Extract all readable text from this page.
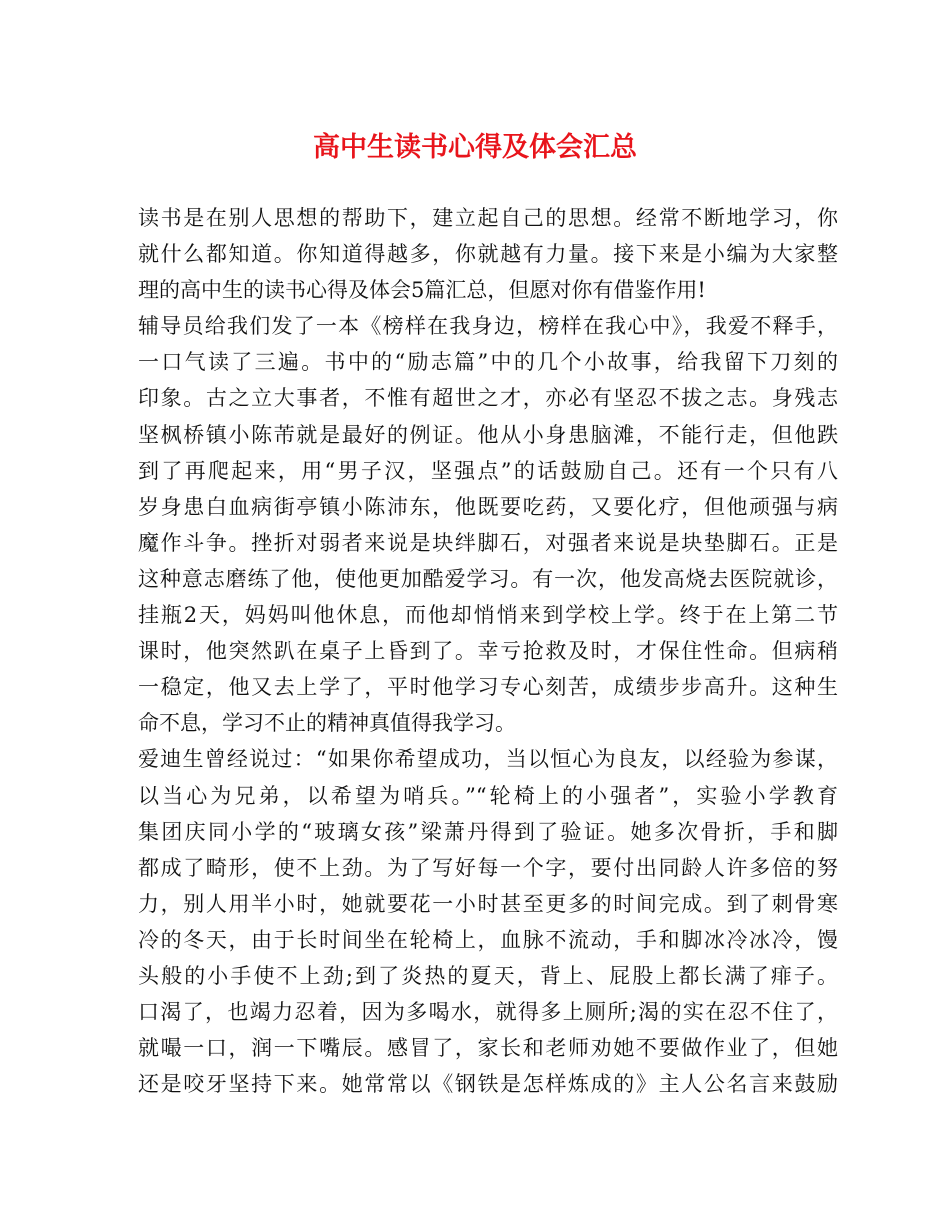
高中生读书心得及体会汇总
读书是在别人思想的帮助下，建立起自己的思想。经常不断地学习，你
就什么都知道。你知道得越多，你就越有力量。接下来是小编为大家整
理的高中生的读书心得及体会5篇汇总，但愿对你有借鉴作用!
辅导员给我们发了一本《榜样在我身边，榜样在我心中》，我爱不释手，
一口气读了三遍。书中的“励志篇”中的几个小故事，给我留下刀刻的
印象。古之立大事者，不惟有超世之才，亦必有坚忍不拔之志。身残志
坚枫桥镇小陈芾就是最好的例证。他从小身患脑滩，不能行走，但他跌
到了再爬起来，用“男子汉，坚强点”的话鼓励自己。还有一个只有八
岁身患白血病街亭镇小陈沛东，他既要吃药，又要化疗，但他顽强与病
魔作斗争。挫折对弱者来说是块绊脚石，对强者来说是块垫脚石。正是
这种意志磨练了他，使他更加酷爱学习。有一次，他发高烧去医院就诊，
挂瓶2天，妈妈叫他休息，而他却悄悄来到学校上学。终于在上第二节
课时，他突然趴在桌子上昏到了。幸亏抢救及时，才保住性命。但病稍
一稳定，他又去上学了，平时他学习专心刻苦，成绩步步高升。这种生
命不息，学习不止的精神真值得我学习。
爱迪生曾经说过：“如果你希望成功，当以恒心为良友，以经验为参谋，
以当心为兄弟，以希望为哨兵。”“轮椅上的小强者”，实验小学教育
集团庆同小学的“玻璃女孩”梁萧丹得到了验证。她多次骨折，手和脚
都成了畸形，使不上劲。为了写好每一个字，要付出同龄人许多倍的努
力，别人用半小时，她就要花一小时甚至更多的时间完成。到了刺骨寒
冷的冬天，由于长时间坐在轮椅上，血脉不流动，手和脚冰冷冰冷，馒
头般的小手使不上劲;到了炎热的夏天，背上、屁股上都长满了痱子。
口渴了，也竭力忍着，因为多喝水，就得多上厕所;渴的实在忍不住了，
就嘬一口，润一下嘴辰。感冒了，家长和老师劝她不要做作业了，但她
还是咬牙坚持下来。她常常以《钢铁是怎样炼成的》主人公名言来鼓励
